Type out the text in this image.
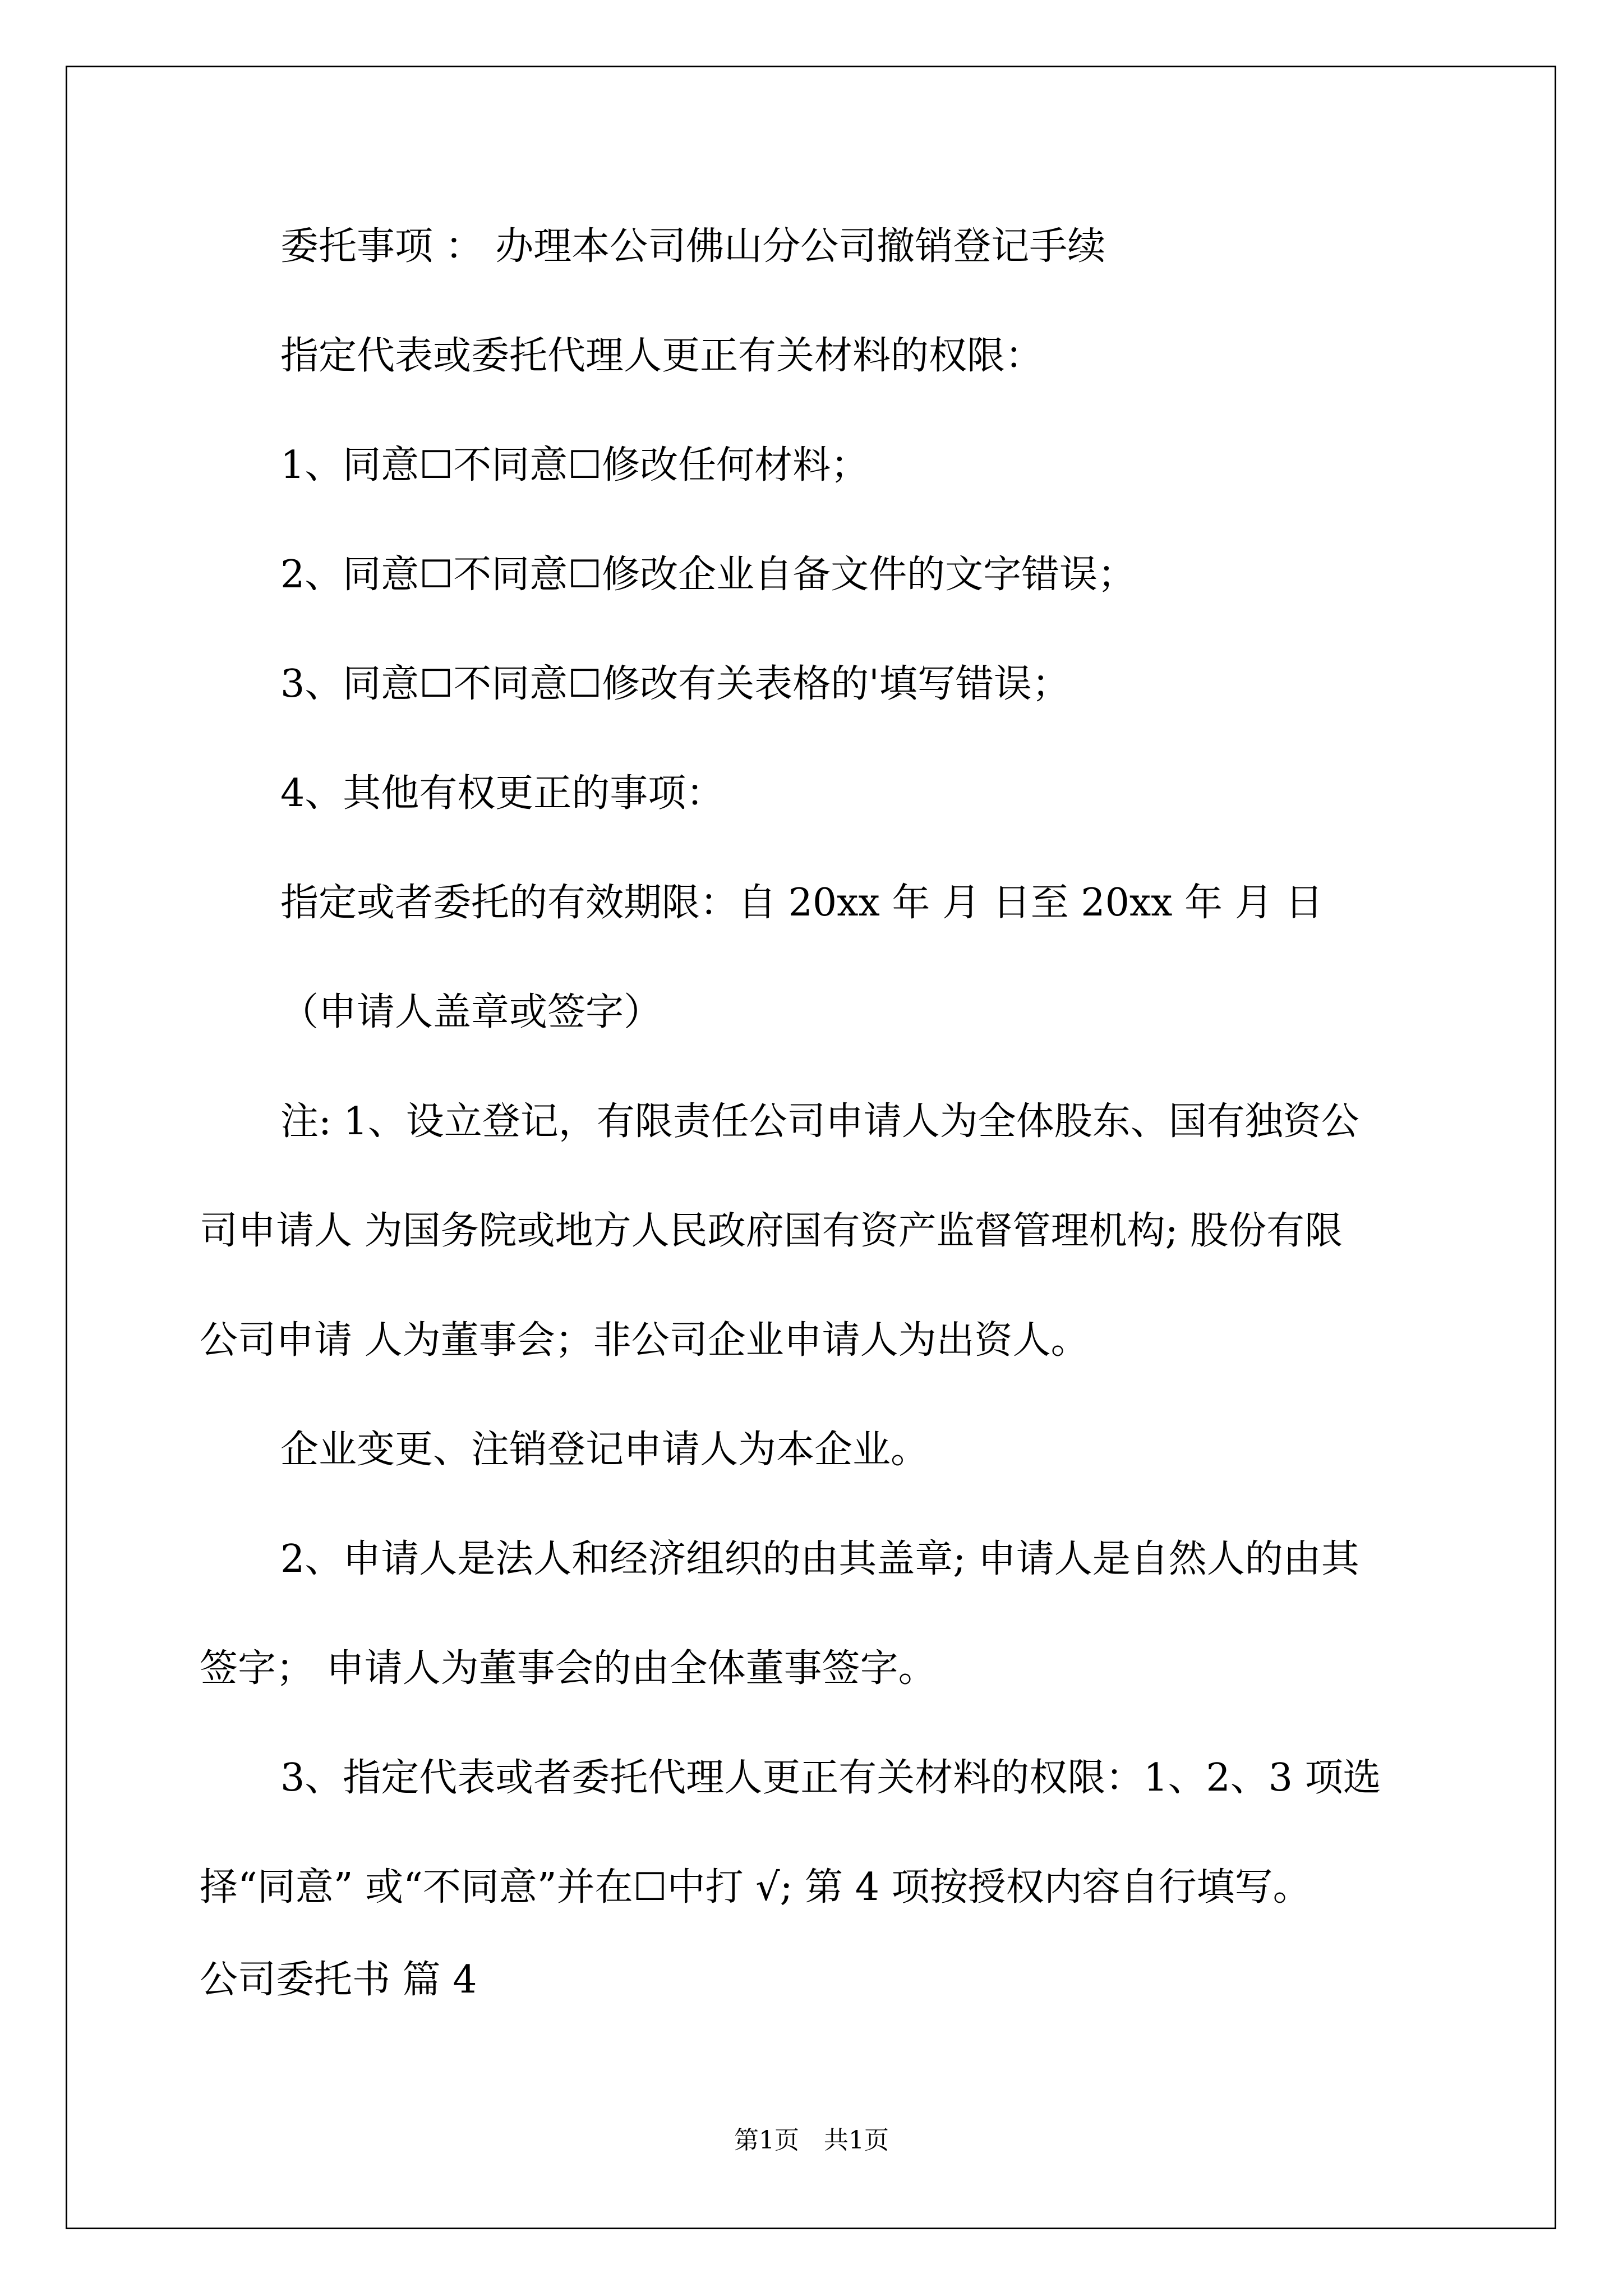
委托事项 ： 办理本公司佛山分公司撤销登记手续
指定代表或委托代理人更正有关材料的权限：
1、同意☐不同意☐修改任何材料；
2、同意☐不同意☐修改企业自备文件的文字错误；
3、同意☐不同意☐修改有关表格的'填写错误；
4、其他有权更正的事项：
指定或者委托的有效期限：自 20xx 年 月 日至 20xx 年 月 日
（申请人盖章或签字）
注: 1、设立登记，有限责任公司申请人为全体股东、国有独资公
司申请人 为国务院或地方人民政府国有资产监督管理机构; 股份有限
公司申请 人为董事会；非公司企业申请人为出资人。
企业变更、注销登记申请人为本企业。
2、申请人是法人和经济组织的由其盖章; 申请人是自然人的由其
签字； 申请人为董事会的由全体董事签字。
3、指定代表或者委托代理人更正有关材料的权限：1、2、3 项选
择“同意” 或“不同意”并在☐中打 √; 第 4 项按授权内容自行填写。
公司委托书 篇 4
第1页　共1页
